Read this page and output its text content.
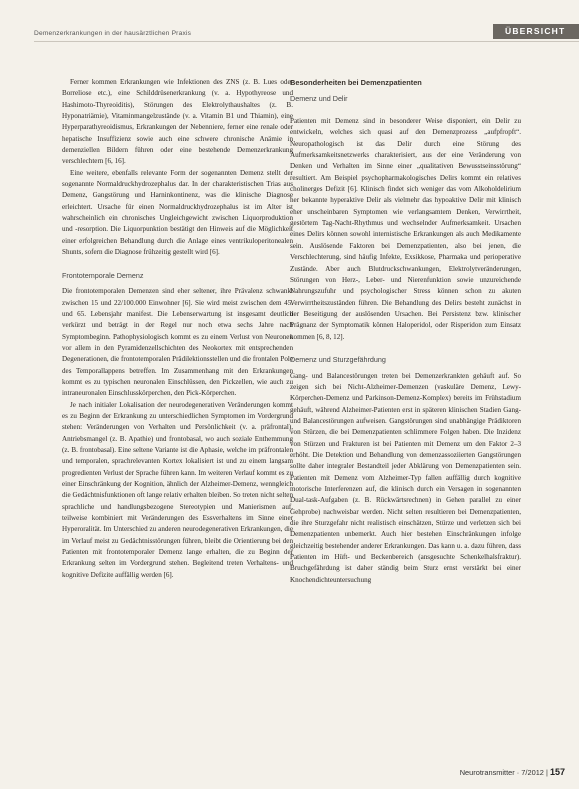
Demenzerkrankungen in der hausärztlichen Praxis	ÜBERSICHT

Ferner kommen Erkrankungen wie Infektionen des ZNS (z. B. Lues oder Borreliose etc.), eine Schilddrüsenerkrankung (v. a. Hypothyreose und Hashimoto-Thyreoiditis), Störungen des Elektrolythaushaltes (z. B. Hyponatriämie), Vitaminmangelzustände (v. a. Vitamin B1 und Thiamin), eine Hyperparathyreoidismus, Erkrankungen der Nebenniere, ferner eine renale oder hepatische Insuffizienz sowie auch eine schwere chronische Anämie in demenziellen Bildern führen oder eine bestehende Demenzerkrankung verschlechtern [6, 16].

Eine weitere, ebenfalls relevante Form der sogenannten Demenz stellt der sogenannte Normaldruckhydrozephalus dar. In der charakteristischen Trias aus Demenz, Gangstörung und Harninkontinenz, was die klinische Diagnose erleichtert. Ursache für einen Normaldruckhydrozephalus ist im Alter ist wahrscheinlich ein chronisches Ungleichgewicht zwischen Liquorproduktion und -resorption. Die Liquorpunktion bestätigt den Hinweis auf die Möglichkeit einer erfolgreichen Behandlung durch die Anlage eines ventrikuloperitonealen Shunts, sofern die Diagnose frühzeitig gestellt wird [6].

Frontotemporale Demenz

Die frontotemporalen Demenzen sind eher seltener, ihre Prävalenz schwankt zwischen 15 und 22/100.000 Einwohner [6]. Sie wird meist zwischen dem 45. und 65. Lebensjahr manifest. Die Lebenserwartung ist insgesamt deutlich verkürzt und beträgt in der Regel nur noch etwa sechs Jahre nach Symptombeginn. Pathophysiologisch kommt es zu einem Verlust von Neuronen vor allem in den Pyramidenzellschichten des Neokortex mit entsprechenden Degenerationen, die frontotemporalen Prädilektionsstellen und die frontalen Pole des Temporallappens betreffen. Im Zusammenhang mit den Erkrankungen kommt es zu typischen neuronalen Einschlüssen, den Pickzellen, wie auch zu intraneuronalen Einschlusskörperchen, den Pick-Körperchen.

Je nach initialer Lokalisation der neurodegenerativen Veränderungen kommt es zu Beginn der Erkrankung zu unterschiedlichen Symptomen im Vordergrund stehen: Veränderungen von Verhalten und Persönlichkeit (v. a. präfrontal), Antriebsmangel (z. B. Apathie) und frontobasal, wo auch soziale Enthemmung (z. B. frontobasal). Eine seltene Variante ist die Aphasie, welche im präfrontalen und temporalen, sprachrelevanten Kortex lokalisiert ist und zu einem langsam progredienten Verlust der Sprache führen kann. Im weiteren Verlauf kommt es zu einer Einschränkung der Kognition, ähnlich der Alzheimer-Demenz, wenngleich die Gedächtnisfunktionen oft lange relativ erhalten bleiben. So treten nicht selten sprachliche und handlungsbezogene Stereotypien und Manierismen auf, teilweise kombiniert mit Veränderungen des Essverhaltens im Sinne einer Hyperoralität. Im Unterschied zu anderen neurodegenerativen Erkrankungen, die im Verlauf meist zu Gedächtnisstörungen führen, bleibt die Orientierung bei den Patienten mit frontotemporaler Demenz lange erhalten, die zu Beginn der Erkrankung selten im Vordergrund stehen. Begleitend treten Verhaltens- und kognitive Defizite auffällig werden [6].

Besonderheiten bei Demenzpatienten

Demenz und Delir

Patienten mit Demenz sind in besonderer Weise disponiert, ein Delir zu entwickeln, welches sich quasi auf den Demenzprozess „aufpfropft“. Neuropathologisch ist das Delir durch eine Störung des Aufmerksamkeitsnetzwerks charakterisiert, aus der eine Veränderung von Denken und Verhalten im Sinne einer „qualitativen Bewusstseinsstörung“ resultiert. Am Beispiel psychopharmakologisches Delirs kommt ein relatives cholinerges Defizit [6]. Klinisch findet sich weniger das vom Alkoholdelirium her bekannte hyperaktive Delir als vielmehr das hypoaktive Delir mit klinisch eher unscheinbaren Symptomen wie verlangsamtem Denken, Verwirrtheit, gestörtem Tag-Nacht-Rhythmus und wechselnder Aufmerksamkeit. Ursachen eines Delirs können sowohl internistische Erkrankungen als auch Medikamente sein. Auslösende Faktoren bei Demenzpatienten, also bei jenen, die Verschlechterung, sind häufig Infekte, Exsikkose, Pharmaka und perioperative Zustände. Aber auch Blutdruckschwankungen, Elektrolytveränderungen, Störungen von Herz-, Leber- und Nierenfunktion sowie unzureichende Nahrungszufuhr und psychologischer Stress können schon zu akuten Verwirrtheitszuständen führen. Die Behandlung des Delirs besteht zunächst in der Beseitigung der auslösenden Ursachen. Bei Persistenz bzw. klinischer Prägnanz der Symptomatik können Haloperidol, oder Risperidon zum Einsatz kommen [6, 8, 12].

Demenz und Sturzgefährdung

Gang- und Balancestörungen treten bei Demenzerkrankten gehäuft auf. So zeigen sich bei Nicht-Alzheimer-Demenzen (vaskuläre Demenz, Lewy-Körperchen-Demenz und Parkinson-Demenz-Komplex) bereits im Frühstadium gehäuft, während Alzheimer-Patienten erst in späteren klinischen Stadien Gang- und Balancestörungen aufweisen. Gangstörungen sind unabhängige Prädiktoren von Stürzen, die bei Demenzpatienten schlimmere Folgen haben. Die Inzidenz von Stürzen und Frakturen ist bei Patienten mit Demenz um den Faktor 2–3 erhöht. Die Detektion und Behandlung von demenzassoziierten Gangstörungen sollte daher integraler Bestandteil jeder Abklärung von Demenzpatienten sein. Patienten mit Demenz vom Alzheimer-Typ fallen auffällig durch kognitive motorische Interferenzen auf, die klinisch durch ein Versagen in sogenannten Dual-task-Aufgaben (z. B. Rückwärtsrechnen) in Gehen parallel zu einer Gehprobe) nachweisbar werden. Nicht selten resultieren bei Demenzpatienten, die ihre Sturzgefahr nicht realistisch einschätzen, Stürze und verletzen sich bei Demenzpatienten unbemerkt. Auch hier bestehen Einschränkungen infolge gleichzeitig bestehender anderer Erkrankungen. Das kann u. a. dazu führen, dass Patienten im Hüft- und Beckenbereich (ansgesuchte Schenkelhalsfraktur). Bruchgefährdung ist daher ständig beim Sturz ernst verstärkt bei einer Knochendichteuntersuchung

Neurotransmitter · 7/2012 | 157
